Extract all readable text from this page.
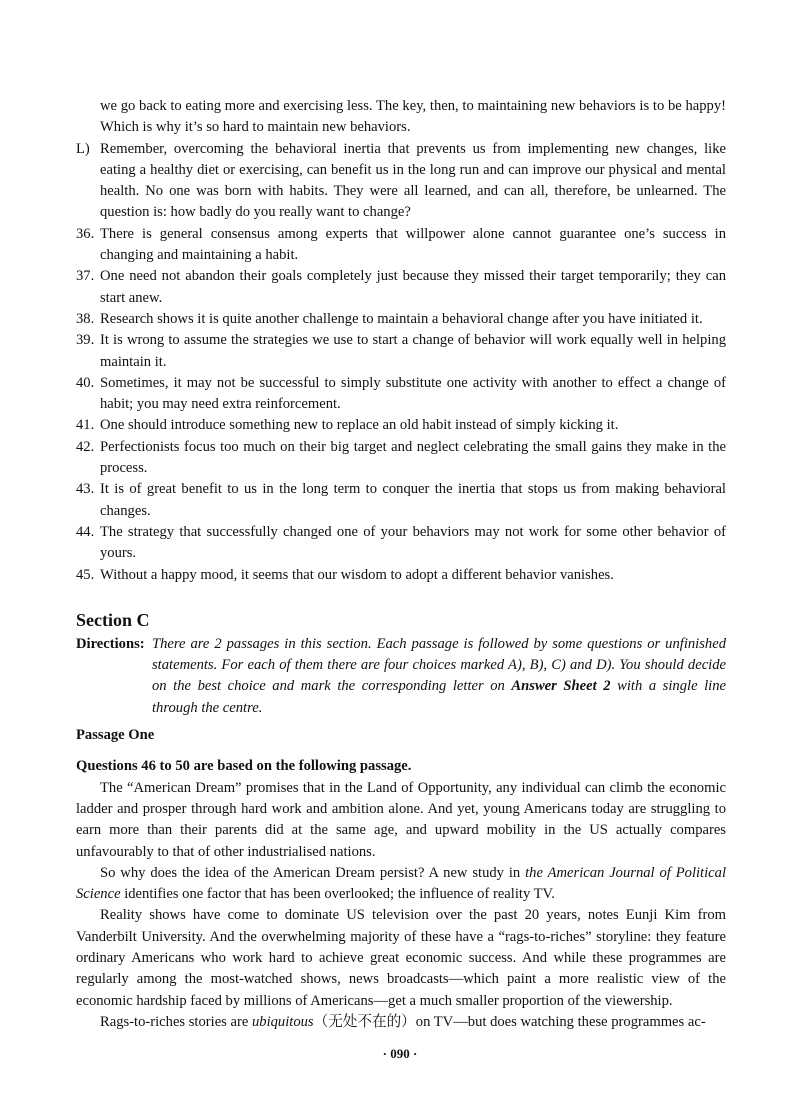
we go back to eating more and exercising less. The key, then, to maintaining new behaviors is to be happy! Which is why it’s so hard to maintain new behaviors.

L) Remember, overcoming the behavioral inertia that prevents us from implementing new changes, like eating a healthy diet or exercising, can benefit us in the long run and can improve our physical and mental health. No one was born with habits. They were all learned, and can all, therefore, be unlearned. The question is: how badly do you really want to change?
36. There is general consensus among experts that willpower alone cannot guarantee one’s success in changing and maintaining a habit.
37. One need not abandon their goals completely just because they missed their target temporarily; they can start anew.
38. Research shows it is quite another challenge to maintain a behavioral change after you have initiated it.
39. It is wrong to assume the strategies we use to start a change of behavior will work equally well in helping maintain it.
40. Sometimes, it may not be successful to simply substitute one activity with another to effect a change of habit; you may need extra reinforcement.
41. One should introduce something new to replace an old habit instead of simply kicking it.
42. Perfectionists focus too much on their big target and neglect celebrating the small gains they make in the process.
43. It is of great benefit to us in the long term to conquer the inertia that stops us from making behavioral changes.
44. The strategy that successfully changed one of your behaviors may not work for some other behavior of yours.
45. Without a happy mood, it seems that our wisdom to adopt a different behavior vanishes.
Section C
Directions: There are 2 passages in this section. Each passage is followed by some questions or unfinished statements. For each of them there are four choices marked A), B), C) and D). You should decide on the best choice and mark the corresponding letter on Answer Sheet 2 with a single line through the centre.
Passage One
Questions 46 to 50 are based on the following passage.

The “American Dream” promises that in the Land of Opportunity, any individual can climb the economic ladder and prosper through hard work and ambition alone. And yet, young Americans today are struggling to earn more than their parents did at the same age, and upward mobility in the US actually compares unfavourably to that of other industrialised nations.

So why does the idea of the American Dream persist? A new study in the American Journal of Political Science identifies one factor that has been overlooked; the influence of reality TV.

Reality shows have come to dominate US television over the past 20 years, notes Eunji Kim from Vanderbilt University. And the overwhelming majority of these have a “rags-to-riches” storyline: they feature ordinary Americans who work hard to achieve great economic success. And while these programmes are regularly among the most-watched shows, news broadcasts—which paint a more realistic view of the economic hardship faced by millions of Americans—get a much smaller proportion of the viewership.

Rags-to-riches stories are ubiquitous（无处不在的）on TV—but does watching these programmes ac-

· 090 ·
